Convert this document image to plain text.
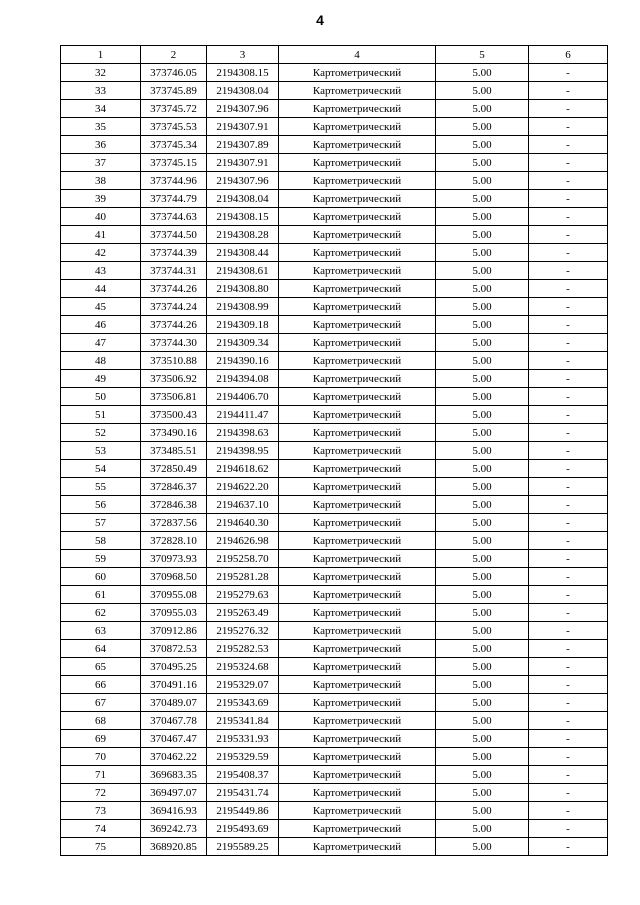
4
1	2	3	4	5	6
32	373746.05	2194308.15	Картометрический	5.00	-
33	373745.89	2194308.04	Картометрический	5.00	-
34	373745.72	2194307.96	Картометрический	5.00	-
35	373745.53	2194307.91	Картометрический	5.00	-
36	373745.34	2194307.89	Картометрический	5.00	-
37	373745.15	2194307.91	Картометрический	5.00	-
38	373744.96	2194307.96	Картометрический	5.00	-
39	373744.79	2194308.04	Картометрический	5.00	-
40	373744.63	2194308.15	Картометрический	5.00	-
41	373744.50	2194308.28	Картометрический	5.00	-
42	373744.39	2194308.44	Картометрический	5.00	-
43	373744.31	2194308.61	Картометрический	5.00	-
44	373744.26	2194308.80	Картометрический	5.00	-
45	373744.24	2194308.99	Картометрический	5.00	-
46	373744.26	2194309.18	Картометрический	5.00	-
47	373744.30	2194309.34	Картометрический	5.00	-
48	373510.88	2194390.16	Картометрический	5.00	-
49	373506.92	2194394.08	Картометрический	5.00	-
50	373506.81	2194406.70	Картометрический	5.00	-
51	373500.43	2194411.47	Картометрический	5.00	-
52	373490.16	2194398.63	Картометрический	5.00	-
53	373485.51	2194398.95	Картометрический	5.00	-
54	372850.49	2194618.62	Картометрический	5.00	-
55	372846.37	2194622.20	Картометрический	5.00	-
56	372846.38	2194637.10	Картометрический	5.00	-
57	372837.56	2194640.30	Картометрический	5.00	-
58	372828.10	2194626.98	Картометрический	5.00	-
59	370973.93	2195258.70	Картометрический	5.00	-
60	370968.50	2195281.28	Картометрический	5.00	-
61	370955.08	2195279.63	Картометрический	5.00	-
62	370955.03	2195263.49	Картометрический	5.00	-
63	370912.86	2195276.32	Картометрический	5.00	-
64	370872.53	2195282.53	Картометрический	5.00	-
65	370495.25	2195324.68	Картометрический	5.00	-
66	370491.16	2195329.07	Картометрический	5.00	-
67	370489.07	2195343.69	Картометрический	5.00	-
68	370467.78	2195341.84	Картометрический	5.00	-
69	370467.47	2195331.93	Картометрический	5.00	-
70	370462.22	2195329.59	Картометрический	5.00	-
71	369683.35	2195408.37	Картометрический	5.00	-
72	369497.07	2195431.74	Картометрический	5.00	-
73	369416.93	2195449.86	Картометрический	5.00	-
74	369242.73	2195493.69	Картометрический	5.00	-
75	368920.85	2195589.25	Картометрический	5.00	-
